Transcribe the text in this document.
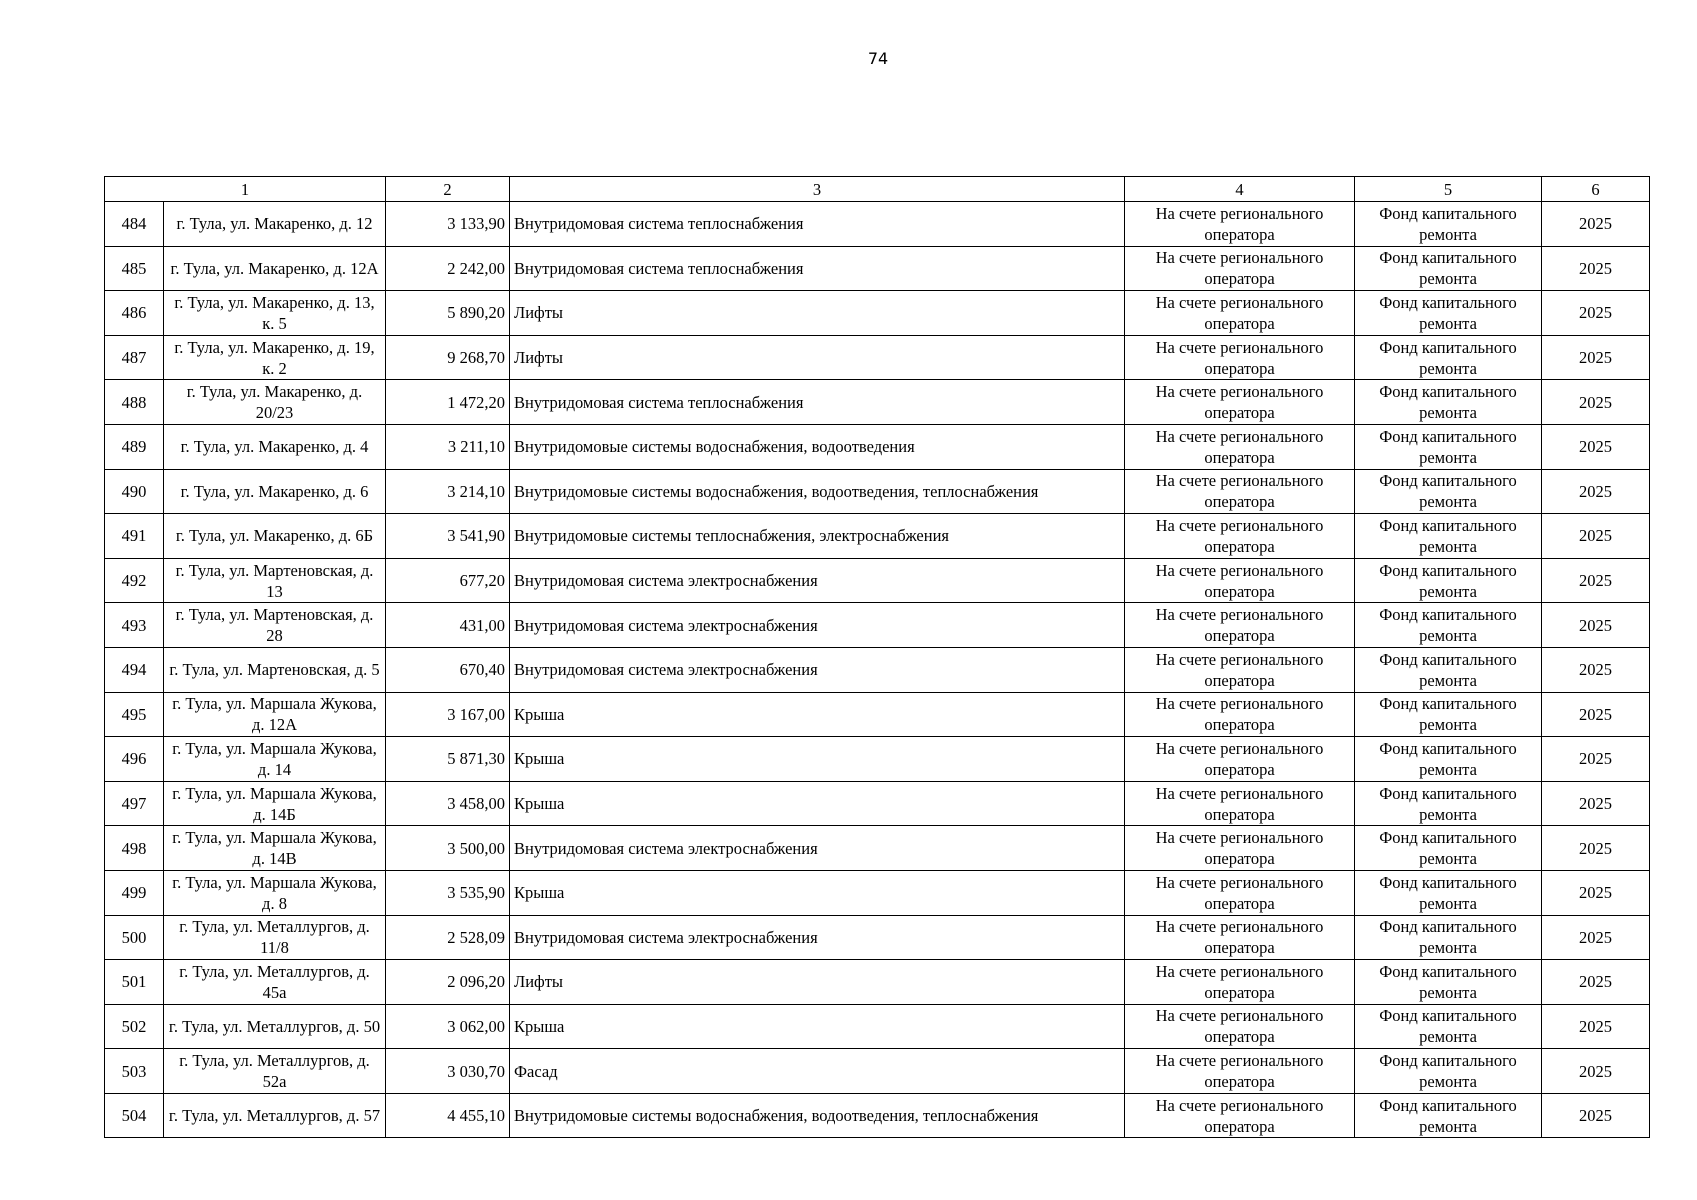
74
1		2	3	4	5	6
484	г. Тула, ул. Макаренко, д. 12	3 133,90	Внутридомовая система теплоснабжения	На счете регионального оператора	Фонд капитального ремонта	2025
485	г. Тула, ул. Макаренко, д. 12А	2 242,00	Внутридомовая система теплоснабжения	На счете регионального оператора	Фонд капитального ремонта	2025
486	г. Тула, ул. Макаренко, д. 13, к. 5	5 890,20	Лифты	На счете регионального оператора	Фонд капитального ремонта	2025
487	г. Тула, ул. Макаренко, д. 19, к. 2	9 268,70	Лифты	На счете регионального оператора	Фонд капитального ремонта	2025
488	г. Тула, ул. Макаренко, д. 20/23	1 472,20	Внутридомовая система теплоснабжения	На счете регионального оператора	Фонд капитального ремонта	2025
489	г. Тула, ул. Макаренко, д. 4	3 211,10	Внутридомовые системы водоснабжения, водоотведения	На счете регионального оператора	Фонд капитального ремонта	2025
490	г. Тула, ул. Макаренко, д. 6	3 214,10	Внутридомовые системы водоснабжения, водоотведения, теплоснабжения	На счете регионального оператора	Фонд капитального ремонта	2025
491	г. Тула, ул. Макаренко, д. 6Б	3 541,90	Внутридомовые системы теплоснабжения, электроснабжения	На счете регионального оператора	Фонд капитального ремонта	2025
492	г. Тула, ул. Мартеновская, д. 13	677,20	Внутридомовая система электроснабжения	На счете регионального оператора	Фонд капитального ремонта	2025
493	г. Тула, ул. Мартеновская, д. 28	431,00	Внутридомовая система электроснабжения	На счете регионального оператора	Фонд капитального ремонта	2025
494	г. Тула, ул. Мартеновская, д. 5	670,40	Внутридомовая система электроснабжения	На счете регионального оператора	Фонд капитального ремонта	2025
495	г. Тула, ул. Маршала Жукова, д. 12А	3 167,00	Крыша	На счете регионального оператора	Фонд капитального ремонта	2025
496	г. Тула, ул. Маршала Жукова, д. 14	5 871,30	Крыша	На счете регионального оператора	Фонд капитального ремонта	2025
497	г. Тула, ул. Маршала Жукова, д. 14Б	3 458,00	Крыша	На счете регионального оператора	Фонд капитального ремонта	2025
498	г. Тула, ул. Маршала Жукова, д. 14В	3 500,00	Внутридомовая система электроснабжения	На счете регионального оператора	Фонд капитального ремонта	2025
499	г. Тула, ул. Маршала Жукова, д. 8	3 535,90	Крыша	На счете регионального оператора	Фонд капитального ремонта	2025
500	г. Тула, ул. Металлургов, д. 11/8	2 528,09	Внутридомовая система электроснабжения	На счете регионального оператора	Фонд капитального ремонта	2025
501	г. Тула, ул. Металлургов, д. 45а	2 096,20	Лифты	На счете регионального оператора	Фонд капитального ремонта	2025
502	г. Тула, ул. Металлургов, д. 50	3 062,00	Крыша	На счете регионального оператора	Фонд капитального ремонта	2025
503	г. Тула, ул. Металлургов, д. 52а	3 030,70	Фасад	На счете регионального оператора	Фонд капитального ремонта	2025
504	г. Тула, ул. Металлургов, д. 57	4 455,10	Внутридомовые системы водоснабжения, водоотведения, теплоснабжения	На счете регионального оператора	Фонд капитального ремонта	2025
